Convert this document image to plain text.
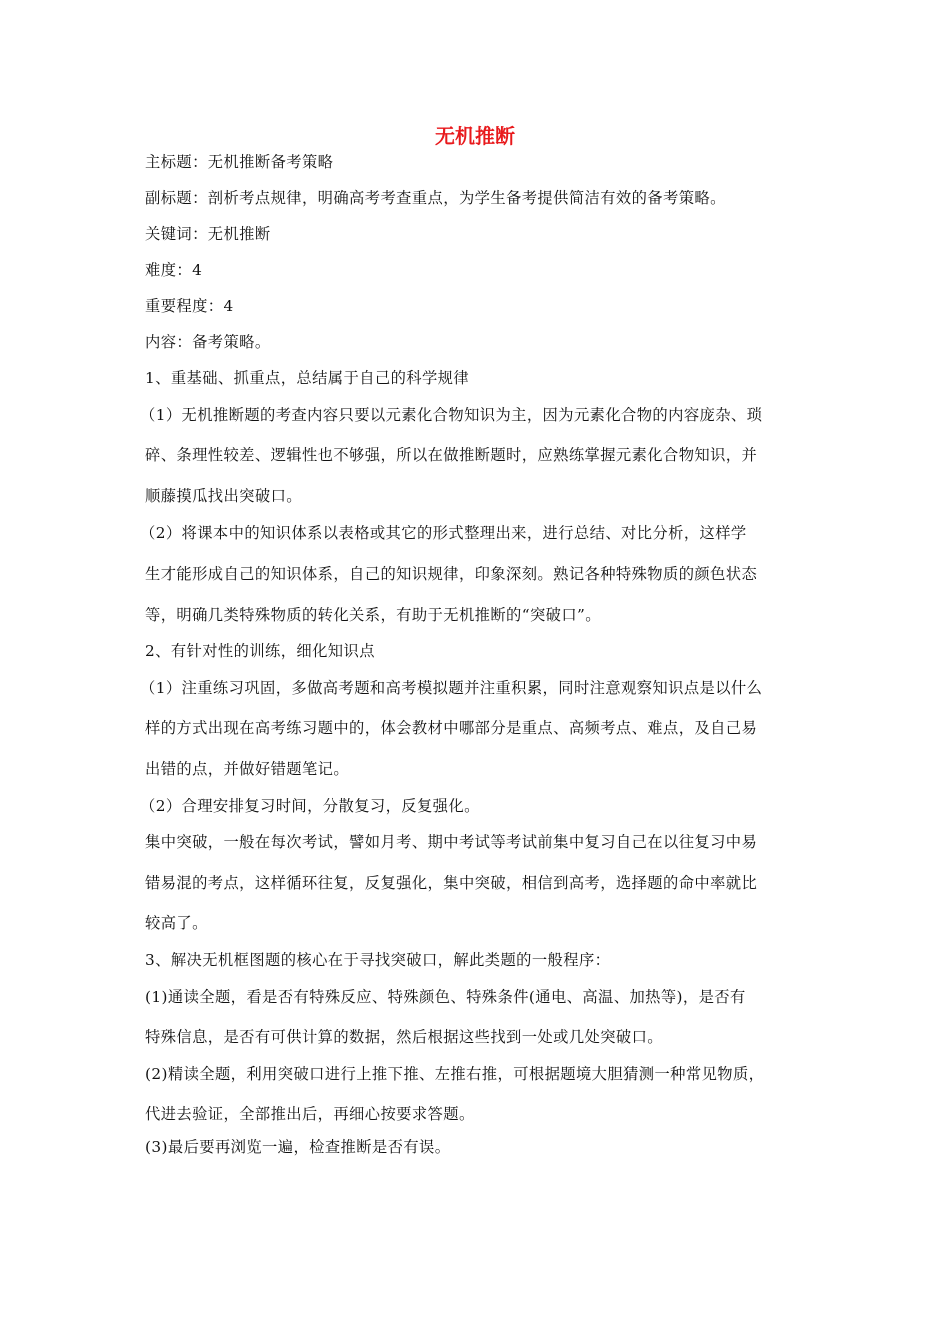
无机推断
主标题：无机推断备考策略
副标题：剖析考点规律，明确高考考查重点，为学生备考提供简洁有效的备考策略。
关键词：无机推断
难度：4
重要程度：4
内容：备考策略。
1、重基础、抓重点，总结属于自己的科学规律
（1）无机推断题的考查内容只要以元素化合物知识为主，因为元素化合物的内容庞杂、琐
碎、条理性较差、逻辑性也不够强，所以在做推断题时，应熟练掌握元素化合物知识，并
顺藤摸瓜找出突破口。
（2）将课本中的知识体系以表格或其它的形式整理出来，进行总结、对比分析，这样学
生才能形成自己的知识体系，自己的知识规律，印象深刻。熟记各种特殊物质的颜色状态
等，明确几类特殊物质的转化关系，有助于无机推断的“突破口”。
2、有针对性的训练，细化知识点
（1）注重练习巩固，多做高考题和高考模拟题并注重积累，同时注意观察知识点是以什么
样的方式出现在高考练习题中的，体会教材中哪部分是重点、高频考点、难点，及自己易
出错的点，并做好错题笔记。
（2）合理安排复习时间，分散复习，反复强化。
集中突破，一般在每次考试，譬如月考、期中考试等考试前集中复习自己在以往复习中易
错易混的考点，这样循环往复，反复强化，集中突破，相信到高考，选择题的命中率就比
较高了。
3、解决无机框图题的核心在于寻找突破口，解此类题的一般程序：
(1)通读全题，看是否有特殊反应、特殊颜色、特殊条件(通电、高温、加热等)，是否有
特殊信息，是否有可供计算的数据，然后根据这些找到一处或几处突破口。
(2)精读全题，利用突破口进行上推下推、左推右推，可根据题境大胆猜测一种常见物质，
代进去验证，全部推出后，再细心按要求答题。
(3)最后要再浏览一遍，检查推断是否有误。
